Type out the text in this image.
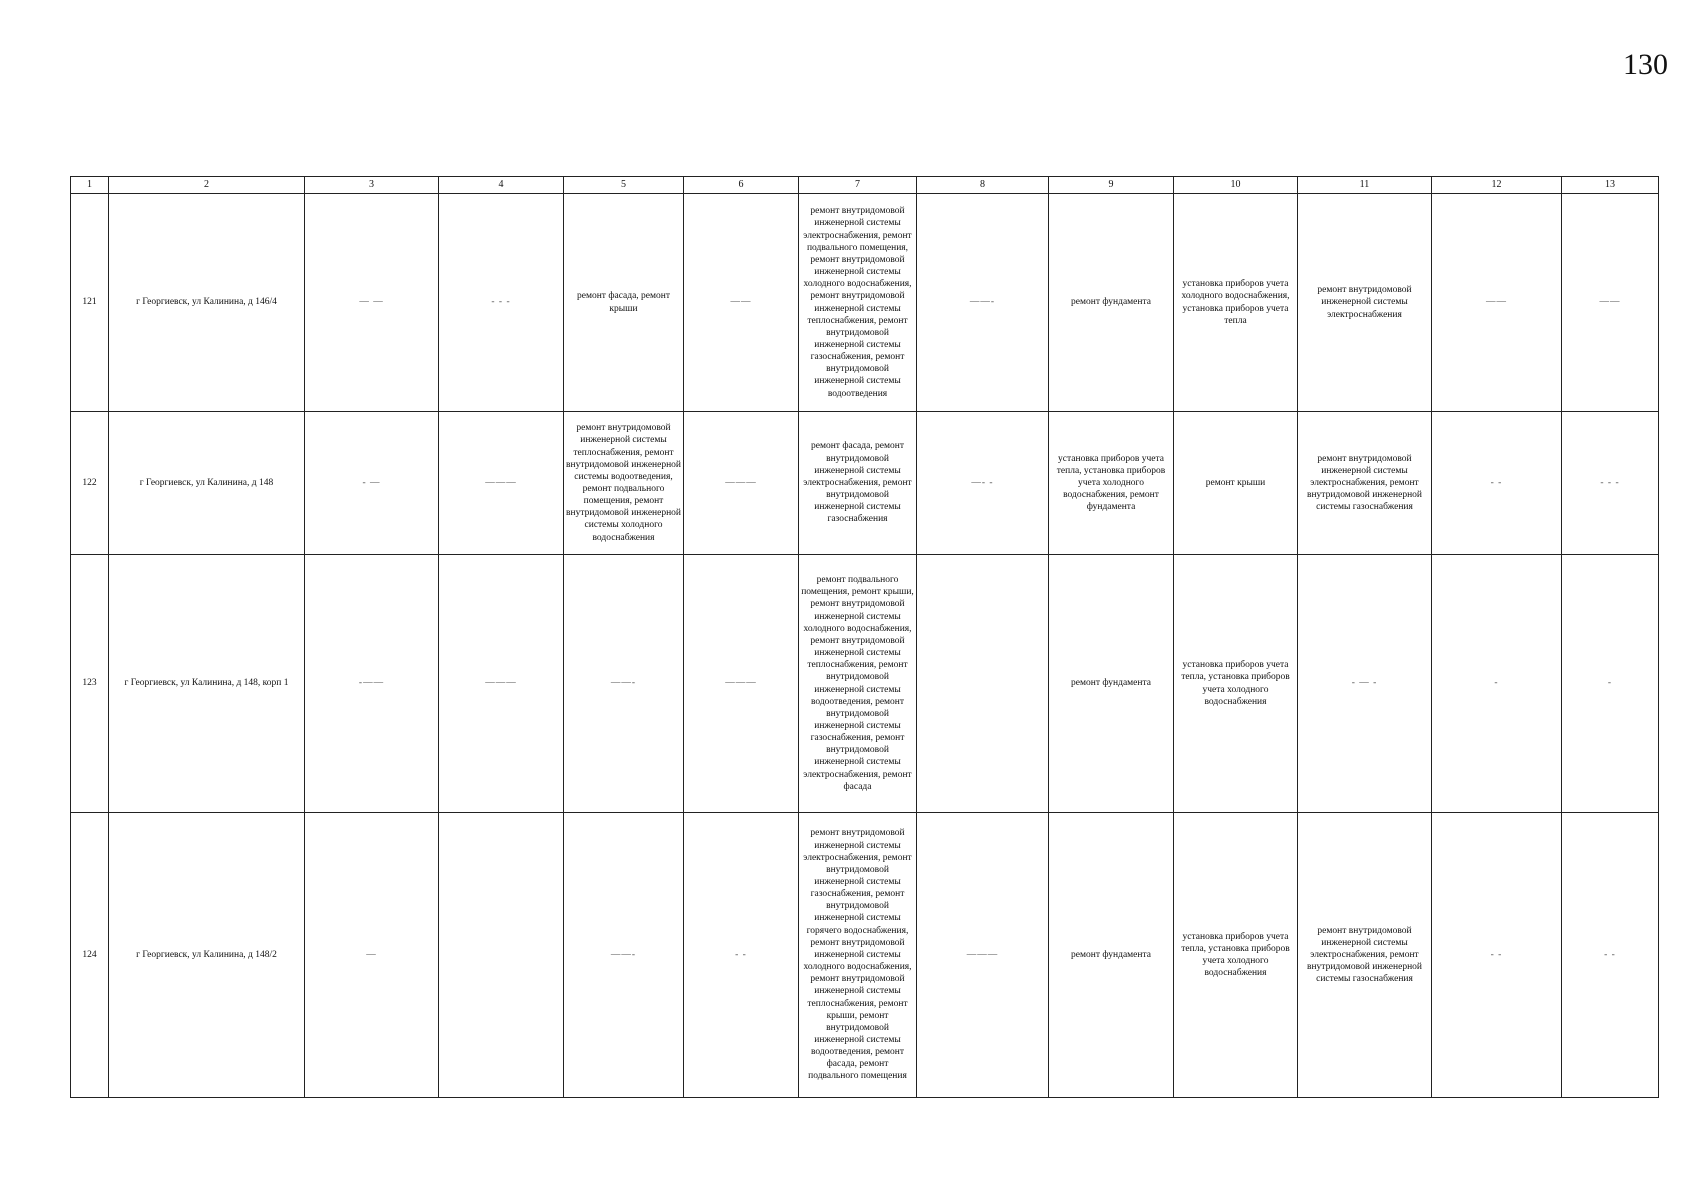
130
1	2	3	4	5	6	7	8	9	10	11	12	13
121	г Георгиевск, ул Калинина, д 146/4	— —	- - -	ремонт фасада, ремонт крыши	——	ремонт внутридомовой инженерной системы электроснабжения, ремонт подвального помещения, ремонт внутридомовой инженерной системы холодного водоснабжения, ремонт внутридомовой инженерной системы теплоснабжения, ремонт внутридомовой инженерной системы газоснабжения, ремонт внутридомовой инженерной системы водоотведения	——-	ремонт фундамента	установка приборов учета холодного водоснабжения, установка приборов учета тепла	ремонт внутридомовой инженерной системы электроснабжения	——	——
122	г Георгиевск, ул Калинина, д 148	- —	———	ремонт внутридомовой инженерной системы теплоснабжения, ремонт внутридомовой инженерной системы водоотведения, ремонт подвального помещения, ремонт внутридомовой инженерной системы холодного водоснабжения	———	ремонт фасада, ремонт внутридомовой инженерной системы электроснабжения, ремонт внутридомовой инженерной системы газоснабжения	—- -	установка приборов учета тепла, установка приборов учета холодного водоснабжения, ремонт фундамента	ремонт крыши	ремонт внутридомовой инженерной системы электроснабжения, ремонт внутридомовой инженерной системы газоснабжения	- -	- - -
123	г Георгиевск, ул Калинина, д 148, корп 1	-——	———	——-	———	ремонт подвального помещения, ремонт крыши, ремонт внутридомовой инженерной системы холодного водоснабжения, ремонт внутридомовой инженерной системы теплоснабжения, ремонт внутридомовой инженерной системы водоотведения, ремонт внутридомовой инженерной системы газоснабжения, ремонт внутридомовой инженерной системы электроснабжения, ремонт фасада		ремонт фундамента	установка приборов учета тепла, установка приборов учета холодного водоснабжения	- — -	-	-
124	г Георгиевск, ул Калинина, д 148/2	—		——-	- -	ремонт внутридомовой инженерной системы электроснабжения, ремонт внутридомовой инженерной системы газоснабжения, ремонт внутридомовой инженерной системы горячего водоснабжения, ремонт внутридомовой инженерной системы холодного водоснабжения, ремонт внутридомовой инженерной системы теплоснабжения, ремонт крыши, ремонт внутридомовой инженерной системы водоотведения, ремонт фасада, ремонт подвального помещения	———	ремонт фундамента	установка приборов учета тепла, установка приборов учета холодного водоснабжения	ремонт внутридомовой инженерной системы электроснабжения, ремонт внутридомовой инженерной системы газоснабжения	- -	- -
